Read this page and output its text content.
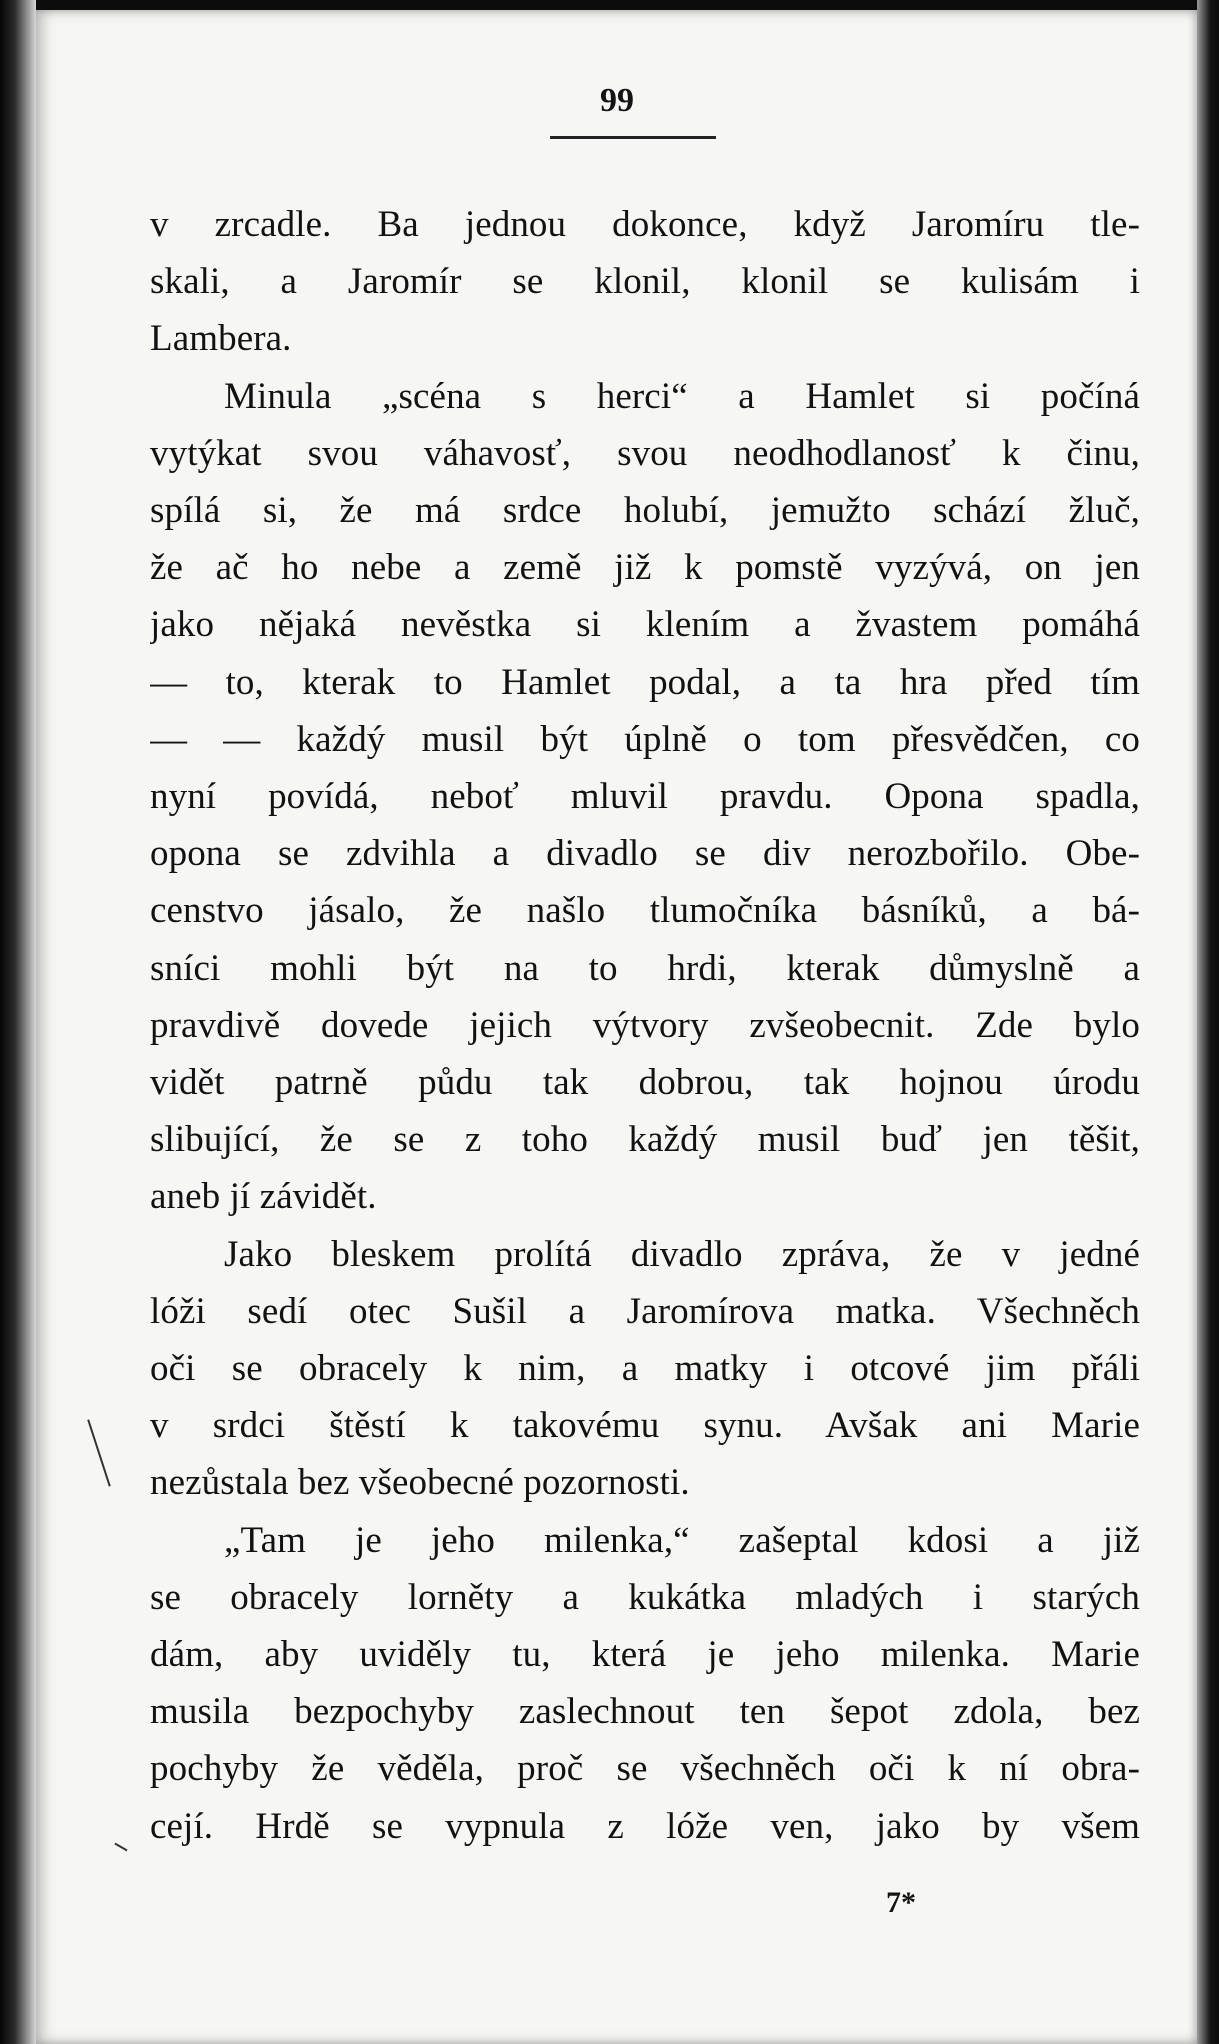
99
v zrcadle. Ba jednou dokonce, když Jaromíru tle-
skali, a Jaromír se klonil, klonil se kulisám i
Lambera.
Minula „scéna s herci“ a Hamlet si počíná
vytýkat svou váhavosť, svou neodhodlanosť k činu,
spílá si, že má srdce holubí, jemužto schází žluč,
že ač ho nebe a země již k pomstě vyzývá, on jen
jako nějaká nevěstka si klením a žvastem pomáhá
— to, kterak to Hamlet podal, a ta hra před tím
— — každý musil být úplně o tom přesvědčen, co
nyní povídá, neboť mluvil pravdu. Opona spadla,
opona se zdvihla a divadlo se div nerozbořilo. Obe-
censtvo jásalo, že našlo tlumočníka básníků, a bá-
sníci mohli být na to hrdi, kterak důmyslně a
pravdivě dovede jejich výtvory zvšeobecnit. Zde bylo
vidět patrně půdu tak dobrou, tak hojnou úrodu
slibující, že se z toho každý musil buď jen těšit,
aneb jí závidět.
Jako bleskem prolítá divadlo zpráva, že v jedné
lóži sedí otec Sušil a Jaromírova matka. Všechněch
oči se obracely k nim, a matky i otcové jim přáli
v srdci štěstí k takovému synu. Avšak ani Marie
nezůstala bez všeobecné pozornosti.
„Tam je jeho milenka,“ zašeptal kdosi a již
se obracely lorněty a kukátka mladých i starých
dám, aby uviděly tu, která je jeho milenka. Marie
musila bezpochyby zaslechnout ten šepot zdola, bez
pochyby že věděla, proč se všechněch oči k ní obra-
cejí. Hrdě se vypnula z lóže ven, jako by všem
7*
